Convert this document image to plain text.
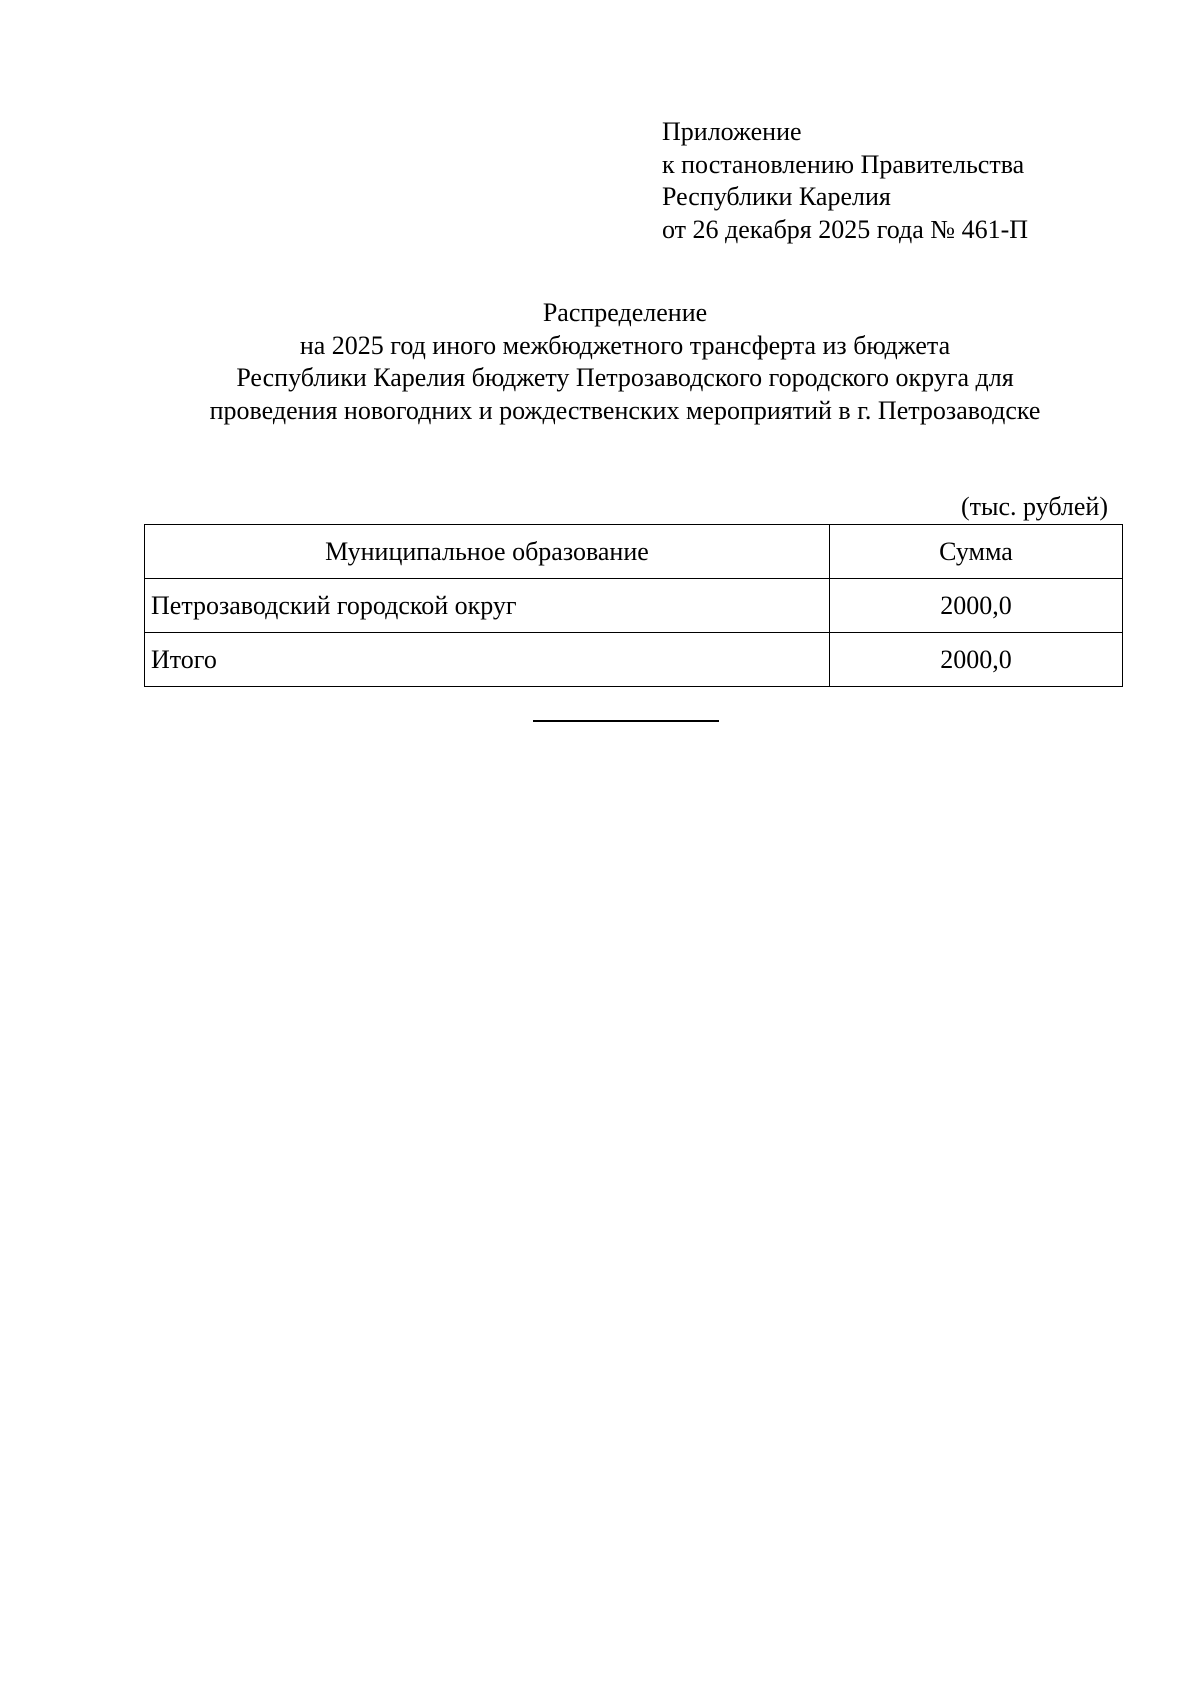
Приложение
к постановлению Правительства
Республики Карелия
от 26 декабря 2025 года № 461-П
Распределение
на 2025 год иного межбюджетного трансферта из бюджета
Республики Карелия бюджету Петрозаводского городского округа для
проведения новогодних и рождественских мероприятий в г. Петрозаводске
(тыс. рублей)
Муниципальное образование	Сумма
Петрозаводский городской округ	2000,0
Итого	2000,0
